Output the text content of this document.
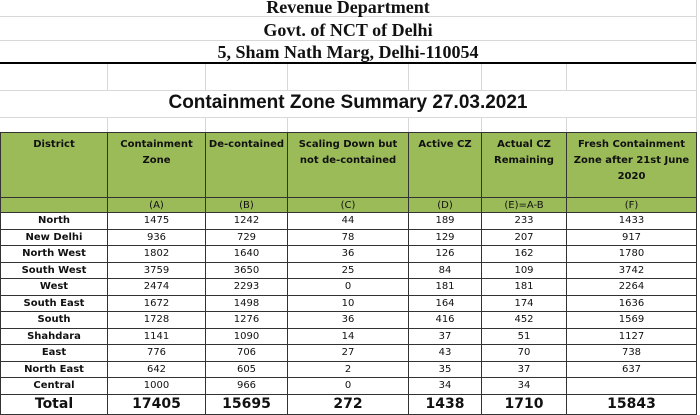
Revenue Department
Govt. of NCT of Delhi
5, Sham Nath Marg, Delhi-110054
Containment Zone Summary 27.03.2021
District	Containment Zone	De-contained	Scaling Down but not de-contained	Active CZ	Actual CZ Remaining	Fresh Containment Zone after 21st June 2020
	(A)	(B)	(C)	(D)	(E)=A-B	(F)
North	1475	1242	44	189	233	1433
New Delhi	936	729	78	129	207	917
North West	1802	1640	36	126	162	1780
South West	3759	3650	25	84	109	3742
West	2474	2293	0	181	181	2264
South East	1672	1498	10	164	174	1636
South	1728	1276	36	416	452	1569
Shahdara	1141	1090	14	37	51	1127
East	776	706	27	43	70	738
North East	642	605	2	35	37	637
Central	1000	966	0	34	34	
Total	17405	15695	272	1438	1710	15843
